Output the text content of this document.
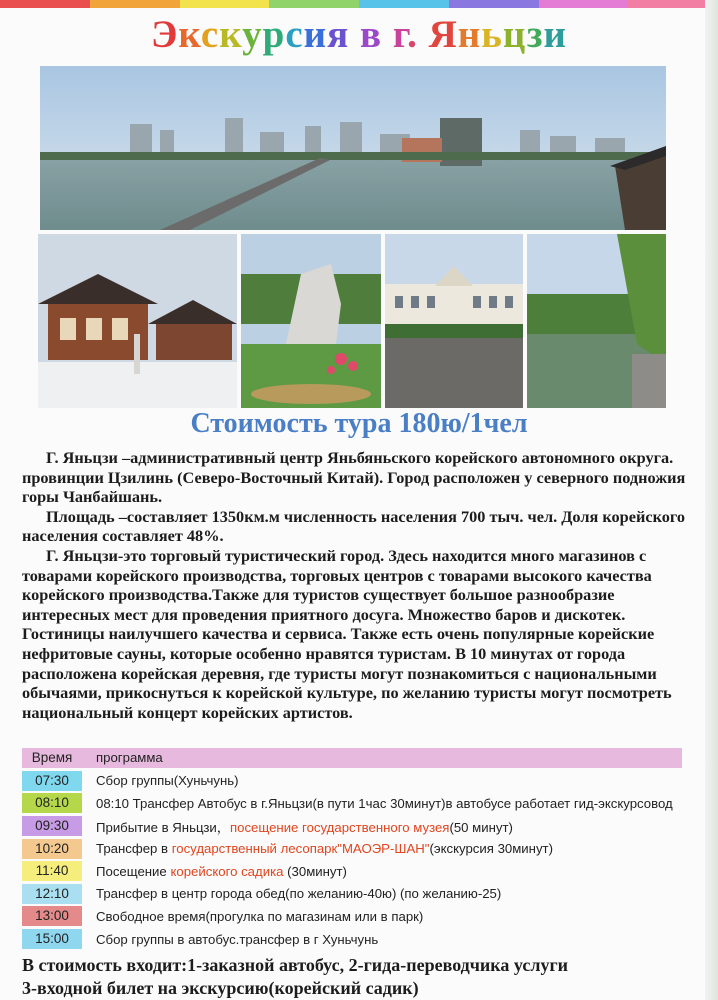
Экскурсия в г. Яньцзи
Стоимость тура 180ю/1чел

Г. Яньцзи –административный центр Яньбяньского корейского автономного округа. провинции Цзилинь (Северо-Восточный Китай). Город расположен у северного подножия горы Чанбайшань.

Площадь –составляет 1350км.м численность населения 700 тыч. чел. Доля корейского населения составляет 48%.

Г. Яньцзи-это торговый туристический город. Здесь находится много магазинов с товарами корейского производства, торговых центров с товарами высокого качества корейского производства.Также для туристов существует большое разнообразие интересных мест для проведения приятного досуга. Множество баров и дискотек. Гостиницы наилучшего качества и сервиса. Также есть очень популярные корейские нефритовые сауны, которые особенно нравятся туристам. В 10 минутах от города расположена корейская деревня, где туристы могут познакомиться с национальными обычаями, прикоснуться к корейской культуре, по желанию туристы могут посмотреть национальный концерт корейских артистов.

Время	программа
07:30	Сбор группы(Хуньчунь)
08:10	08:10 Трансфер Автобус в г.Яньцзи(в пути 1час 30минут)в автобусе работает гид-экскурсовод
09:30	Прибытие в Яньцзи，посещение государственного музея(50 минут)
10:20	Трансфер в государственный лесопарк"МАОЭР-ШАН"(экскурсия 30минут)
11:40	Посещение корейского садика (30минут)
12:10	Трансфер в центр города обед(по желанию-40ю) (по желанию-25)
13:00	Свободное время(прогулка по магазинам или в парк)
15:00	Сбор группы в автобус.трансфер в г Хуньчунь

В стоимость входит:1-заказной автобус, 2-гида-переводчика услуги

3-входной билет на экскурсию(корейский садик)
